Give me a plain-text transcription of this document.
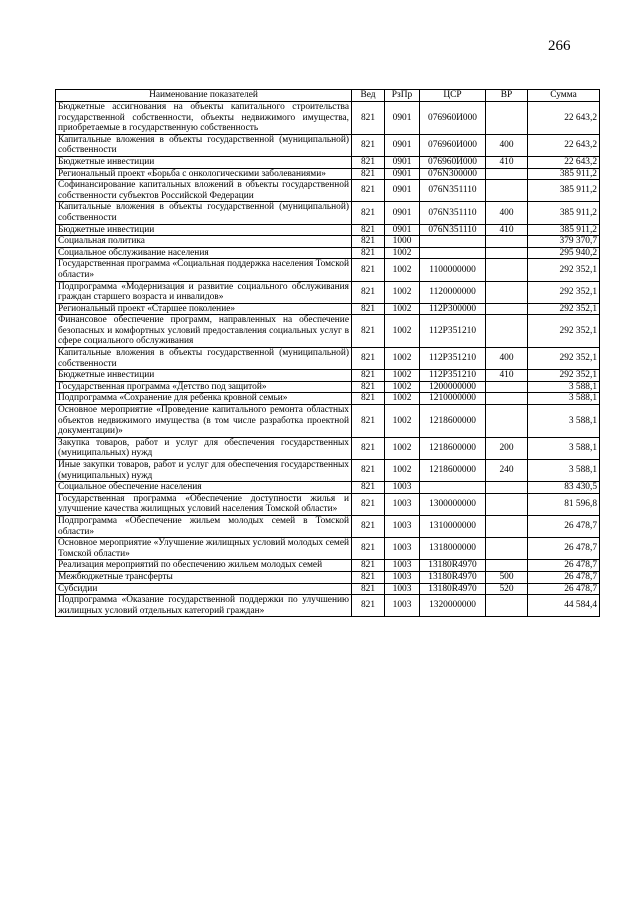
266
Наименование показателей	Вед	РзПр	ЦСР	ВР	Сумма
Бюджетные ассигнования на объекты капитального строительства государственной собственности, объекты недвижимого имущества, приобретаемые в государственную собственность	821	0901	076960И000		22 643,2
Капитальные вложения в объекты государственной (муниципальной) собственности	821	0901	076960И000	400	22 643,2
Бюджетные инвестиции	821	0901	076960И000	410	22 643,2
Региональный проект «Борьба с онкологическими заболеваниями»	821	0901	076N300000		385 911,2
Софинансирование капитальных вложений в объекты государственной собственности субъектов Российской Федерации	821	0901	076N351110		385 911,2
Капитальные вложения в объекты государственной (муниципальной) собственности	821	0901	076N351110	400	385 911,2
Бюджетные инвестиции	821	0901	076N351110	410	385 911,2
Социальная политика	821	1000			379 370,7
Социальное обслуживание населения	821	1002			295 940,2
Государственная программа «Социальная поддержка населения Томской области»	821	1002	1100000000		292 352,1
Подпрограмма «Модернизация и развитие социального обслуживания граждан старшего возраста и инвалидов»	821	1002	1120000000		292 352,1
Региональный проект «Старшее поколение»	821	1002	112P300000		292 352,1
Финансовое обеспечение программ, направленных на обеспечение безопасных и комфортных условий предоставления социальных услуг в сфере социального обслуживания	821	1002	112P351210		292 352,1
Капитальные вложения в объекты государственной (муниципальной) собственности	821	1002	112P351210	400	292 352,1
Бюджетные инвестиции	821	1002	112P351210	410	292 352,1
Государственная программа «Детство под защитой»	821	1002	1200000000		3 588,1
Подпрограмма «Сохранение для ребенка кровной семьи»	821	1002	1210000000		3 588,1
Основное мероприятие «Проведение капитального ремонта областных объектов недвижимого имущества (в том числе разработка проектной документации)»	821	1002	1218600000		3 588,1
Закупка товаров, работ и услуг для обеспечения государственных (муниципальных) нужд	821	1002	1218600000	200	3 588,1
Иные закупки товаров, работ и услуг для обеспечения государственных (муниципальных) нужд	821	1002	1218600000	240	3 588,1
Социальное обеспечение населения	821	1003			83 430,5
Государственная программа «Обеспечение доступности жилья и улучшение качества жилищных условий населения Томской области»	821	1003	1300000000		81 596,8
Подпрограмма «Обеспечение жильем молодых семей в Томской области»	821	1003	1310000000		26 478,7
Основное мероприятие «Улучшение жилищных условий молодых семей Томской области»	821	1003	1318000000		26 478,7
Реализация мероприятий по обеспечению жильем молодых семей	821	1003	13180R4970		26 478,7
Межбюджетные трансферты	821	1003	13180R4970	500	26 478,7
Субсидии	821	1003	13180R4970	520	26 478,7
Подпрограмма «Оказание государственной поддержки по улучшению жилищных условий отдельных категорий граждан»	821	1003	1320000000		44 584,4
